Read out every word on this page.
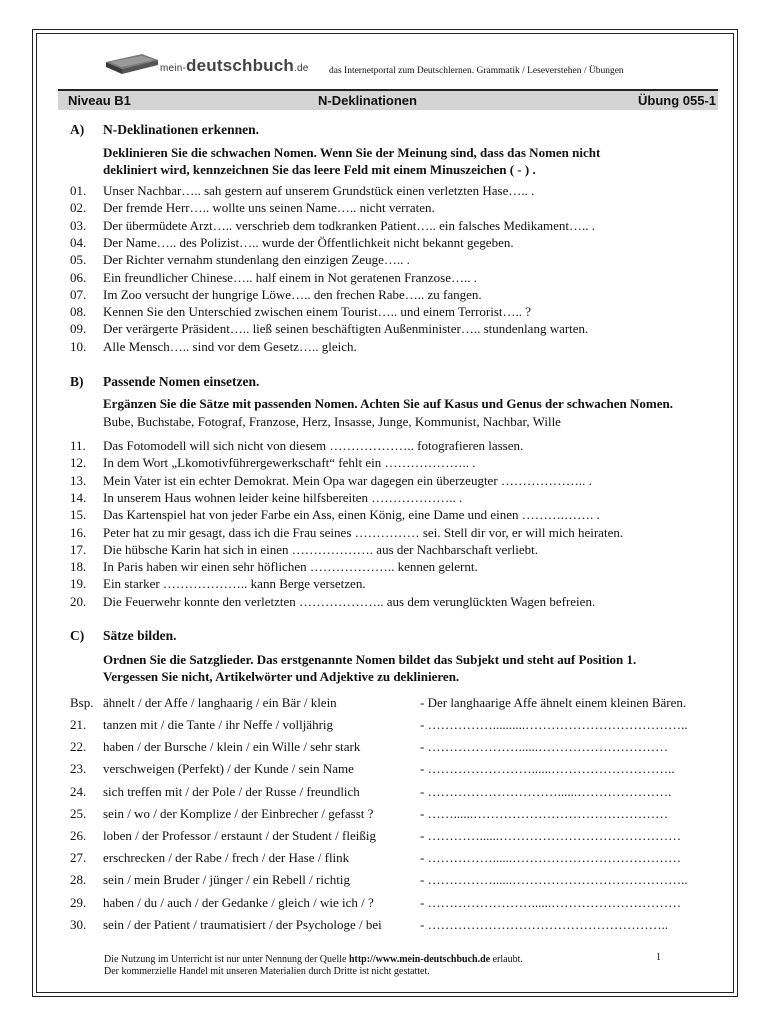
mein-deutschbuch.de das Internetportal zum Deutschlernen. Grammatik / Leseverstehen / Übungen
Niveau B1	N-Deklinationen	Übung 055-1
A) N-Deklinationen erkennen.
Deklinieren Sie die schwachen Nomen. Wenn Sie der Meinung sind, dass das Nomen nicht
dekliniert wird, kennzeichnen Sie das leere Feld mit einem Minuszeichen ( - ) .
01. Unser Nachbar….. sah gestern auf unserem Grundstück einen verletzten Hase….. .
02. Der fremde Herr….. wollte uns seinen Name….. nicht verraten.
03. Der übermüdete Arzt….. verschrieb dem todkranken Patient….. ein falsches Medikament….. .
04. Der Name….. des Polizist….. wurde der Öffentlichkeit nicht bekannt gegeben.
05. Der Richter vernahm stundenlang den einzigen Zeuge….. .
06. Ein freundlicher Chinese….. half einem in Not geratenen Franzose….. .
07. Im Zoo versucht der hungrige Löwe….. den frechen Rabe….. zu fangen.
08. Kennen Sie den Unterschied zwischen einem Tourist….. und einem Terrorist….. ?
09. Der verärgerte Präsident….. ließ seinen beschäftigten Außenminister….. stundenlang warten.
10. Alle Mensch….. sind vor dem Gesetz….. gleich.
B) Passende Nomen einsetzen.
Ergänzen Sie die Sätze mit passenden Nomen. Achten Sie auf Kasus und Genus der schwachen Nomen.
Bube, Buchstabe, Fotograf, Franzose, Herz, Insasse, Junge, Kommunist, Nachbar, Wille
11. Das Fotomodell will sich nicht von diesem ……………….. fotografieren lassen.
12. In dem Wort „Lkomotivführergewerkschaft“ fehlt ein ……………….. .
13. Mein Vater ist ein echter Demokrat. Mein Opa war dagegen ein überzeugter ……………….. .
14. In unserem Haus wohnen leider keine hilfsbereiten ……………….. .
15. Das Kartenspiel hat von jeder Farbe ein Ass, einen König, eine Dame und einen ……….……. .
16. Peter hat zu mir gesagt, dass ich die Frau seines …………… sei. Stell dir vor, er will mich heiraten.
17. Die hübsche Karin hat sich in einen ………………. aus der Nachbarschaft verliebt.
18. In Paris haben wir einen sehr höflichen ……………….. kennen gelernt.
19. Ein starker ……………….. kann Berge versetzen.
20. Die Feuerwehr konnte den verletzten ……………….. aus dem verunglückten Wagen befreien.
C) Sätze bilden.
Ordnen Sie die Satzglieder. Das erstgenannte Nomen bildet das Subjekt und steht auf Position 1.
Vergessen Sie nicht, Artikelwörter und Adjektive zu deklinieren.
Bsp. ähnelt / der Affe / langhaarig / ein Bär / klein	- Der langhaarige Affe ähnelt einem kleinen Bären.
21. tanzen mit / die Tante / ihr Neffe / volljährig	- ……………..........………………………………..
22. haben / der Bursche / klein / ein Wille / sehr stark	- …………………......…………………………
23. verschweigen (Perfekt) / der Kunde / sein Name	- ……………………......………………………..
24. sich treffen mit / der Pole / der Russe / freundlich	- …………………………......………………….
25. sein / wo / der Komplize / der Einbrecher / gefasst ?	- ……......………………………………………
26. loben / der Professor / erstaunt / der Student / fleißig	- …………......……………………………………
27. erschrecken / der Rabe / frech / der Hase / flink	- ……………......…………………………………
28. sein / mein Bruder / jünger / ein Rebell / richtig	- ……………......…………………………………..
29. haben / du / auch / der Gedanke / gleich / wie ich / ?	- ……………………......…………………………
30. sein / der Patient / traumatisiert / der Psychologe / bei	- ………………………………………………..
Die Nutzung im Unterricht ist nur unter Nennung der Quelle http://www.mein-deutschbuch.de erlaubt.
Der kommerzielle Handel mit unseren Materialien durch Dritte ist nicht gestattet.
1
